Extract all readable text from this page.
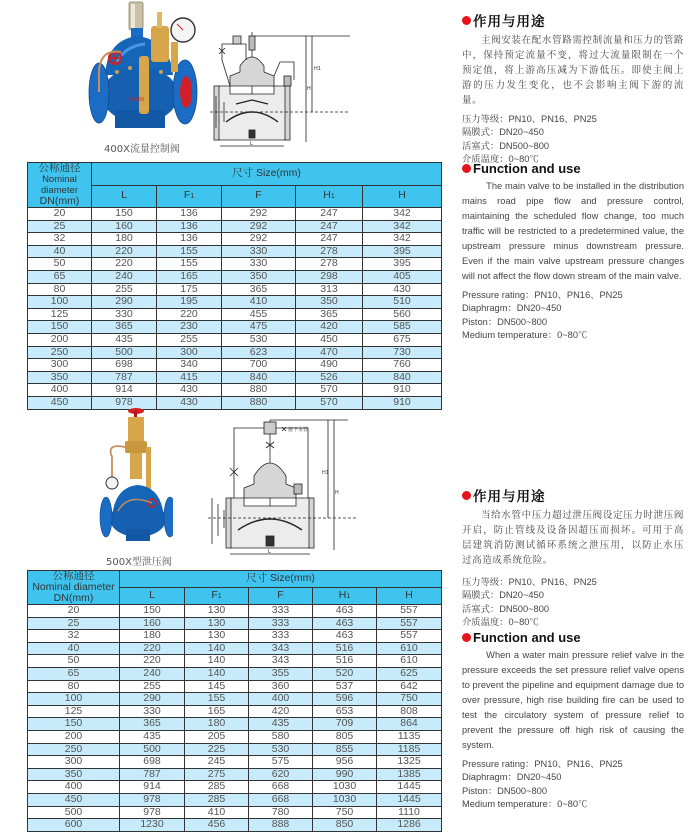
DN100
400X流量控制阀
H1
H
L
公称通径
Nominal diameter
DN(mm)	尺寸 Size(mm)				
	L	F1	F	H1	H
20	150	136	292	247	342
25	160	136	292	247	342
32	180	136	292	247	342
40	220	155	330	278	395
50	220	155	330	278	395
65	240	165	350	298	405
80	255	175	365	313	430
100	290	195	410	350	510
125	330	220	455	365	560
150	365	230	475	420	585
200	435	255	530	450	675
250	500	300	623	470	730
300	698	340	700	490	760
350	787	415	840	526	840
400	914	430	880	570	910
450	978	430	880	570	910
作用与用途

主阀安装在配水管路需控制流量和压力的管路中，保持预定流量不变，将过大流量限制在一个预定值，将上游高压减为下游低压。即使主阀上游的压力发生变化，也不会影响主阀下游的流量。

压力等级：PN10、PN16、PN25
隔膜式：DN20~450
活塞式：DN500~800
介质温度：0~80℃
Function and use

The main valve to be installed in the distribution mains road pipe flow and pressure control, maintaining the scheduled flow change, too much traffic will be restricted to a predetermined value, the upstream pressure minus downstream pressure. Even if the main valve upstream pressure changes will not affect the flow down stream of the main valve.

Pressure rating：PN10、PN16、PN25
Diaphragm：DN20~450
Piston：DN500~800
Medium temperature：0~80℃
500X型泄压阀
接下水管
H1
H
L
公称通径
Nominal diameter
DN(mm)	尺寸 Size(mm)				
	L	F1	F	H1	H
20	150	130	333	463	557
25	160	130	333	463	557
32	180	130	333	463	557
40	220	140	343	516	610
50	220	140	343	516	610
65	240	140	355	520	625
80	255	145	360	537	642
100	290	155	400	596	750
125	330	165	420	653	808
150	365	180	435	709	864
200	435	205	580	805	1135
250	500	225	530	855	1185
300	698	245	575	956	1325
350	787	275	620	990	1385
400	914	285	668	1030	1445
450	978	285	668	1030	1445
500	978	410	780	750	1110
600	1230	456	888	850	1286
作用与用途

当给水管中压力超过泄压阀设定压力时泄压阀开启，防止管线及设备因超压而损坏。可用于高层建筑消防测试循环系统之泄压用，以防止水压过高造成系统危险。

压力等级：PN10、PN16、PN25
隔膜式：DN20~450
活塞式：DN500~800
介质温度：0~80℃
Function and use

When a water main pressure relief valve in the pressure exceeds the set pressure relief valve opens to prevent the pipeline and equipment damage due to over pressure, high rise building fire can be used to test the circulatory system of pressure relief to prevent the pressure off high risk of causing the system.

Pressure rating：PN10、PN16、PN25
Diaphragm：DN20~450
Piston：DN500~800
Medium temperature：0~80℃
